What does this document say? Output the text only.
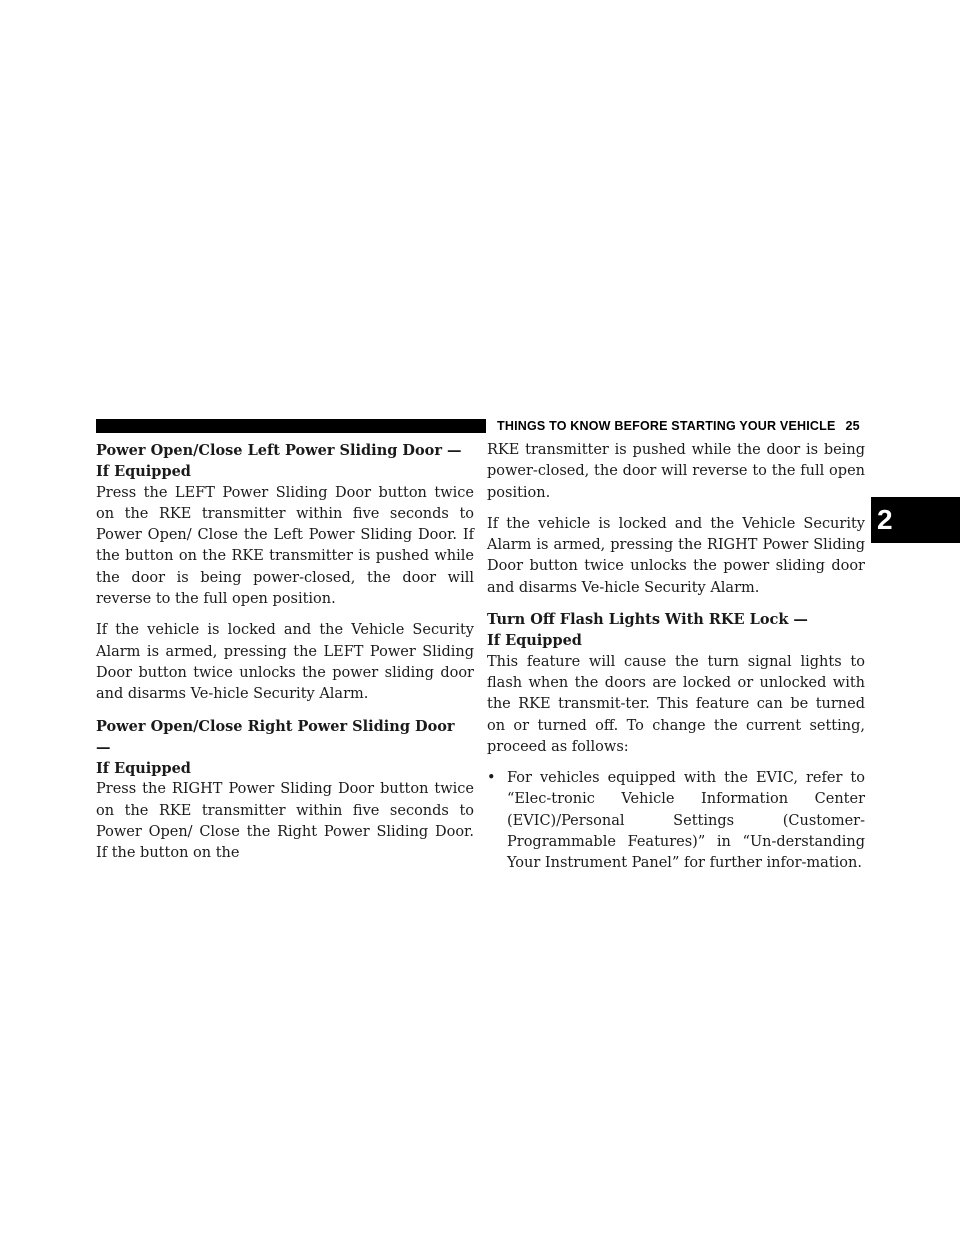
THINGS TO KNOW BEFORE STARTING YOUR VEHICLE 25
2
Power Open/Close Left Power Sliding Door —
If Equipped

Press the LEFT Power Sliding Door button twice on the RKE transmitter within five seconds to Power Open/ Close the Left Power Sliding Door. If the button on the RKE transmitter is pushed while the door is being power-closed, the door will reverse to the full open position.

If the vehicle is locked and the Vehicle Security Alarm is armed, pressing the LEFT Power Sliding Door button twice unlocks the power sliding door and disarms Ve-hicle Security Alarm.

Power Open/Close Right Power Sliding Door —
If Equipped

Press the RIGHT Power Sliding Door button twice on the RKE transmitter within five seconds to Power Open/ Close the Right Power Sliding Door. If the button on the

RKE transmitter is pushed while the door is being power-closed, the door will reverse to the full open position.

If the vehicle is locked and the Vehicle Security Alarm is armed, pressing the RIGHT Power Sliding Door button twice unlocks the power sliding door and disarms Ve-hicle Security Alarm.

Turn Off Flash Lights With RKE Lock —
If Equipped

This feature will cause the turn signal lights to flash when the doors are locked or unlocked with the RKE transmit-ter. This feature can be turned on or turned off. To change the current setting, proceed as follows:

• For vehicles equipped with the EVIC, refer to “Elec-tronic Vehicle Information Center (EVIC)/Personal Settings (Customer-Programmable Features)” in “Un-derstanding Your Instrument Panel” for further infor-mation.
